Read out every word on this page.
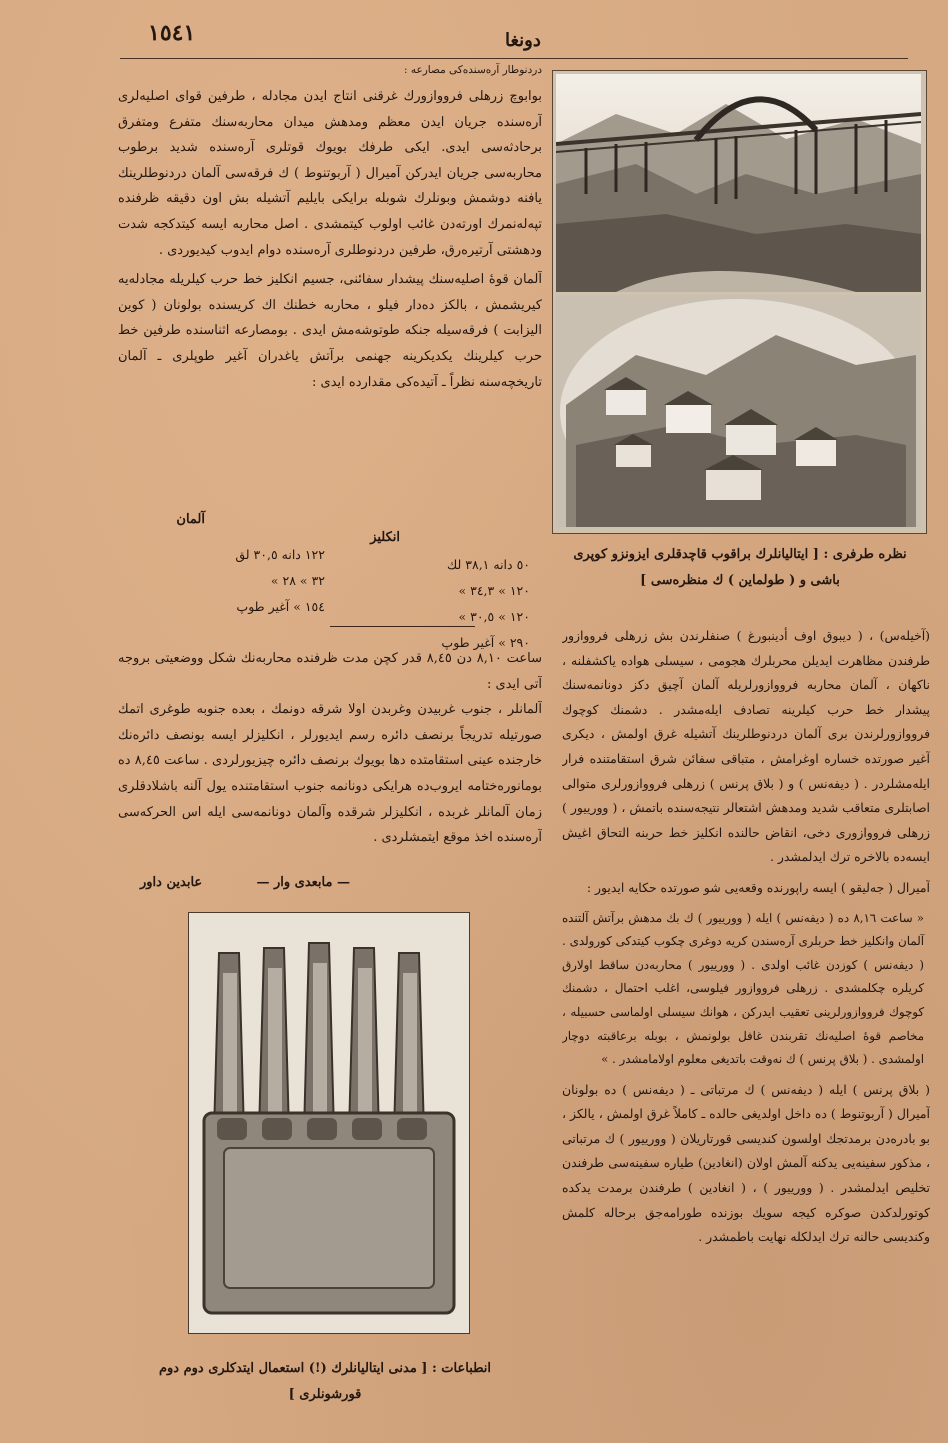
١٥٤١	دونغا
دردنوطار آرەسندەکی مصارعە :

بوابوچ زرهلی فرووازورك غرقنی انتاج ايدن مجادلە ، طرفين قوای اصليەلری آرەسندە جريان ايدن معظم ومدهش ميدان محاربەسنك متفرع ومتفرق برحادثەسی ايدی. ايكی طرفك بويوك قوتلری آرەسندە شديد برطوب محاربەسی جريان ايدركن آميرال ( آربوتنوط ) ك فرقەسی آلمان دردنوطلرينك يافنە دوشمش وبونلرك شوبلە برايكی بايليم آتشيلە بش اون دقيقە ظرفندە تپەلەنمرك اورتەدن غائب اولوب كيتمشدی . اصل محاربە ايسە كيتدكجە شدت ودهشتی آرتيرەرق، طرفين دردنوطلری آرەسندە دوام ايدوب كيديوردی .

آلمان قوهٔ اصليەسنك پيشدار سفائنی، جسيم انكليز خط حرب كيلريلە مجادلەيە كيريشمش ، بالكز دەدار فيلو ، محاربە خطنك اك كريسندە بولونان ( كوين اليزابت ) فرقەسيلە جنكە طوتوشەمش ايدی . بومصارعە اثناسندە طرفين خط حرب كيلرينك يكديكرينە جهنمی برآتش ياغدران آغير طوپلری ـ آلمان تاريخچەسنە نظراً ـ آتيدەکی مقدارده ايدی :

انكليز
آلمان
٥٠ دانە ٣٨,١ لك
١٢٠ » ٣٤,٣ »
١٢٠ » ٣٠,٥ »
٢٩٠ » آغير طوپ
١٢٢ دانە ٣٠,٥ لق
٣٢ » ٢٨ »
١٥٤ » آغير طوپ

ساعت ٨,١٠ دن ٨,٤٥ قدر كچن مدت ظرفندە محاربەنك شكل ووضعيتی بروجە آتی ايدی :

آلمانلر ، جنوب غربيدن وغربدن اولا شرقە دونمك ، بعدە جنوبە طوغری اتمك صورتيلە تدريجاً برنصف دائرە رسم ايديورلر ، انكليزلر ايسە بونصف دائرەنك خارجندە عينی استقامتدە دها بويوك برنصف دائرە چيزيورلردی . ساعت ٨,٤٥ دە بومانورەختامە ايروب‌دە هرايكی دونانمە جنوب استقامتندە يول آلنە باشلادقلری زمان آلمانلر غربدە ، انكليزلر شرقدە وآلمان دونانمەسی ايلە اس الحركەسی آرەسندە اخذ موقع ايتمشلردی .

— مابعدی وار —
عابدين داور
نظرە طرفری : [ ايتاليانلرك براقوب قاچدقلری ايزونزو كوپری باشی و ( طولماين ) ك منظرەسی ]

(آخيلەس) ، ( ديبوق اوف أدينبورغ ) صنفلرندن بش زرهلی فرووازور طرفندن مظاهرت ايديلن محربلرك هجومی ، سيسلی هوادە ياكشفلنە ، ناكهان ، آلمان محاربە فرووازورلريلە آلمان آچيق دكز دونانمەسنك پيشدار خط حرب كيلرينە تصادف ايلەمشدر . دشمنك كوچوك فرووازورلرندن بری آلمان دردنوطلرينك آتشيلە غرق اولمش ، ديكری آغير صورتدە خسارە اوغرامش ، متباقی سفائن شرق استقامتندە فرار ايلەمشلردر . ( ديفەنس ) و ( بلاق پرنس ) زرهلی فرووازورلری متوالی اصابتلری متعاقب شديد ومدهش اشتعالر نتيجەسندە باتمش ، ( وورييور ) زرهلی فرووازوری دخی، انقاض حالندە انكليز خط حربنە التحاق اغيش ايسەدە بالاخرە ترك ايدلمشدر .

آميرال ( جەليقو ) ايسە راپورندە وقعەيی شو صورتدە حكايە ايديور :

« ساعت ٨,١٦ دە ( ديفەنس ) ايلە ( وورييور ) ك بك مدهش برآتش آلتندە آلمان وانكليز خط حربلری آرەسندن كريە دوغری چكوب كيتدكی كورولدی . ( ديفەنس ) كوزدن غائب اولدی . ( وورييور ) محاربەدن ساقط اولارق كريلرە چكلمشدی . زرهلی فرووازور فيلوسی، اغلب احتمال ، دشمنك كوچوك فرووازورلرينی تعقيب ايدركن ، هوانك سيسلی اولماسی حسبيلە ، مخاصم قوهٔ اصليەنك تقربندن غافل بولونمش ، بوبلە برعاقبتە دوچار اولمشدی . ( بلاق پرنس ) ك نەوقت باتديغی معلوم اولامامشدر . »

( بلاق پرنس ) ايلە ( ديفەنس ) ك مرتباتی ـ ( ديفەنس ) دە بولونان آميرال ( آربوتنوط ) دە داخل اولديغی حالدە ـ كاملاً غرق اولمش ، يالكز ، بو بادرەدن برمدتجك اولسون كنديسی قورتاريلان ( وورييور ) ك مرتباتی ، مذكور سفينەيی يدكنە آلمش اولان (انغادين) طيارە سفينەسی طرفندن تخليص ايدلمشدر . ( وورييور ) ، ( انغادين ) طرفندن برمدت يدكدە كوتورلدكدن صوكرە كيجە سويك بوزندە طورامەجق برحالە كلمش وكنديسی حالنە ترك ايدلكلە نهايت باطمشدر .

انطباعات : [ مدنی ايتاليانلرك (!) استعمال ايتدكلری دوم دوم قورشونلری ]
